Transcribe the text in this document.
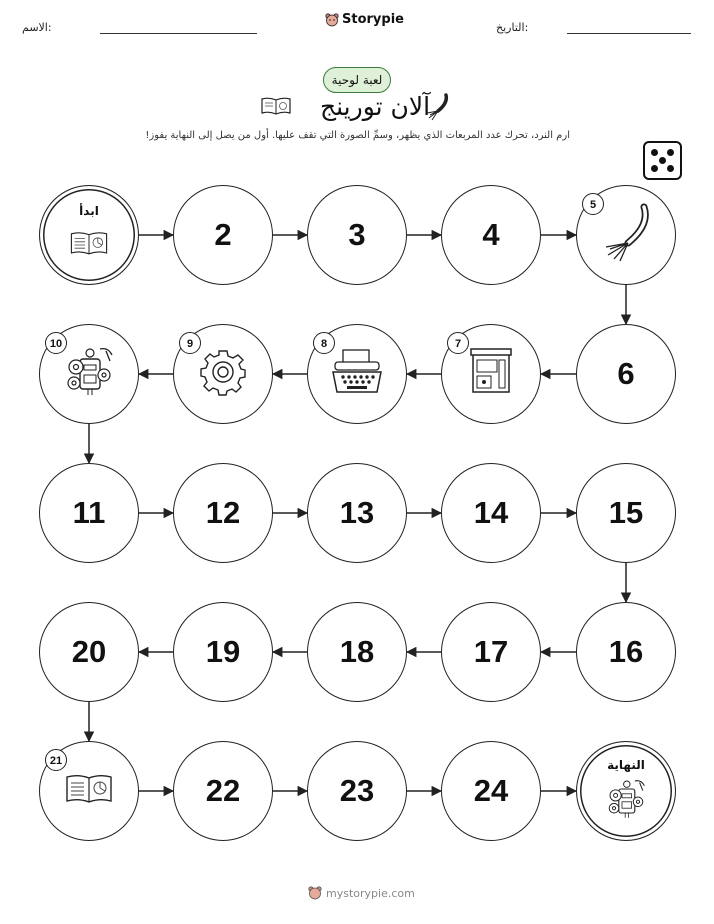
الاسم:
Storypie
التاريخ:
لعبة لوحية
آلان تورينج
ارم النرد، تحرك عدد المربعات الذي يظهر، وسمِّ الصورة التي تقف عليها. أول من يصل إلى النهاية يفوز!
ابدأ
2	3	4
5
6
7
8
9
10
11	12	13	14	15
16
17
18
19
20
21
22	23	24
النهاية
mystorypie.com
